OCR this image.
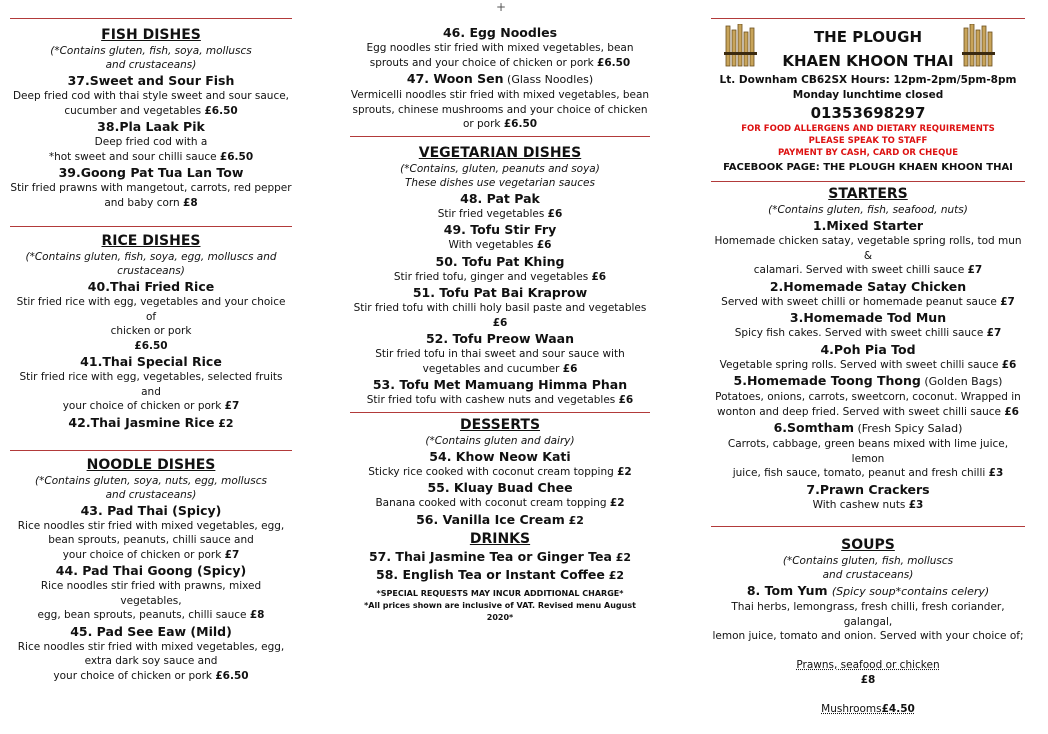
+

FISH DISHES

(*Contains gluten, fish, soya, molluscs
and crustaceans)

37.Sweet and Sour Fish

Deep fried cod with thai style sweet and sour sauce,
cucumber and vegetables £6.50

38.Pla Laak Pik

Deep fried cod with a
*hot sweet and sour chilli sauce £6.50

39.Goong Pat Tua Lan Tow

Stir fried prawns with mangetout, carrots, red pepper
and baby corn £8

RICE DISHES

(*Contains gluten, fish, soya, egg, molluscs and
crustaceans)

40.Thai Fried Rice

Stir fried rice with egg, vegetables and your choice of
chicken or pork
£6.50

41.Thai Special Rice

Stir fried rice with egg, vegetables, selected fruits and
your choice of chicken or pork £7

42.Thai Jasmine Rice £2

NOODLE DISHES

(*Contains gluten, soya, nuts, egg, molluscs
and crustaceans)

43. Pad Thai (Spicy)

Rice noodles stir fried with mixed vegetables, egg,
bean sprouts, peanuts, chilli sauce and
your choice of chicken or pork £7

44. Pad Thai Goong (Spicy)

Rice noodles stir fried with prawns, mixed vegetables,
egg, bean sprouts, peanuts, chilli sauce £8

45. Pad See Eaw (Mild)

Rice noodles stir fried with mixed vegetables, egg,
extra dark soy sauce and
your choice of chicken or pork £6.50

46. Egg Noodles

Egg noodles stir fried with mixed vegetables, bean
sprouts and your choice of chicken or pork £6.50

47. Woon Sen (Glass Noodles)

Vermicelli noodles stir fried with mixed vegetables, bean
sprouts, chinese mushrooms and your choice of chicken
or pork £6.50

VEGETARIAN DISHES

(*Contains, gluten, peanuts and soya)
These dishes use vegetarian sauces

48. Pat Pak

Stir fried vegetables £6

49. Tofu Stir Fry

With vegetables £6

50. Tofu Pat Khing

Stir fried tofu, ginger and vegetables £6

51. Tofu Pat Bai Kraprow

Stir fried tofu with chilli holy basil paste and vegetables £6

52. Tofu Preow Waan

Stir fried tofu in thai sweet and sour sauce with
vegetables and cucumber £6

53. Tofu Met Mamuang Himma Phan

Stir fried tofu with cashew nuts and vegetables £6

DESSERTS

(*Contains gluten and dairy)

54. Khow Neow Kati

Sticky rice cooked with coconut cream topping £2

55. Kluay Buad Chee

Banana cooked with coconut cream topping £2

56. Vanilla Ice Cream £2

DRINKS

57. Thai Jasmine Tea or Ginger Tea £2

58. English Tea or Instant Coffee £2

*SPECIAL REQUESTS MAY INCUR ADDITIONAL CHARGE*

*All prices shown are inclusive of VAT. Revised menu August 2020*

THE PLOUGH

KHAEN KHOON THAI

Lt. Downham CB62SX Hours: 12pm-2pm/5pm-8pm

Monday lunchtime closed

01353698297

FOR FOOD ALLERGENS AND DIETARY REQUIREMENTS

PLEASE SPEAK TO STAFF

PAYMENT BY CASH, CARD OR CHEQUE

FACEBOOK PAGE: THE PLOUGH KHAEN KHOON THAI

STARTERS

(*Contains gluten, fish, seafood, nuts)

1.Mixed Starter

Homemade chicken satay, vegetable spring rolls, tod mun &
calamari. Served with sweet chilli sauce £7

2.Homemade Satay Chicken

Served with sweet chilli or homemade peanut sauce £7

3.Homemade Tod Mun

Spicy fish cakes. Served with sweet chilli sauce £7

4.Poh Pia Tod

Vegetable spring rolls. Served with sweet chilli sauce £6

5.Homemade Toong Thong (Golden Bags)

Potatoes, onions, carrots, sweetcorn, coconut. Wrapped in
wonton and deep fried. Served with sweet chilli sauce £6

6.Somtham (Fresh Spicy Salad)

Carrots, cabbage, green beans mixed with lime juice, lemon
juice, fish sauce, tomato, peanut and fresh chilli £3

7.Prawn Crackers

With cashew nuts £3

SOUPS

(*Contains gluten, fish, molluscs
and crustaceans)

8. Tom Yum (Spicy soup*contains celery)

Thai herbs, lemongrass, fresh chilli, fresh coriander, galangal,
lemon juice, tomato and onion. Served with your choice of;

Prawns, seafood or chicken
£8

Mushrooms£4.50
